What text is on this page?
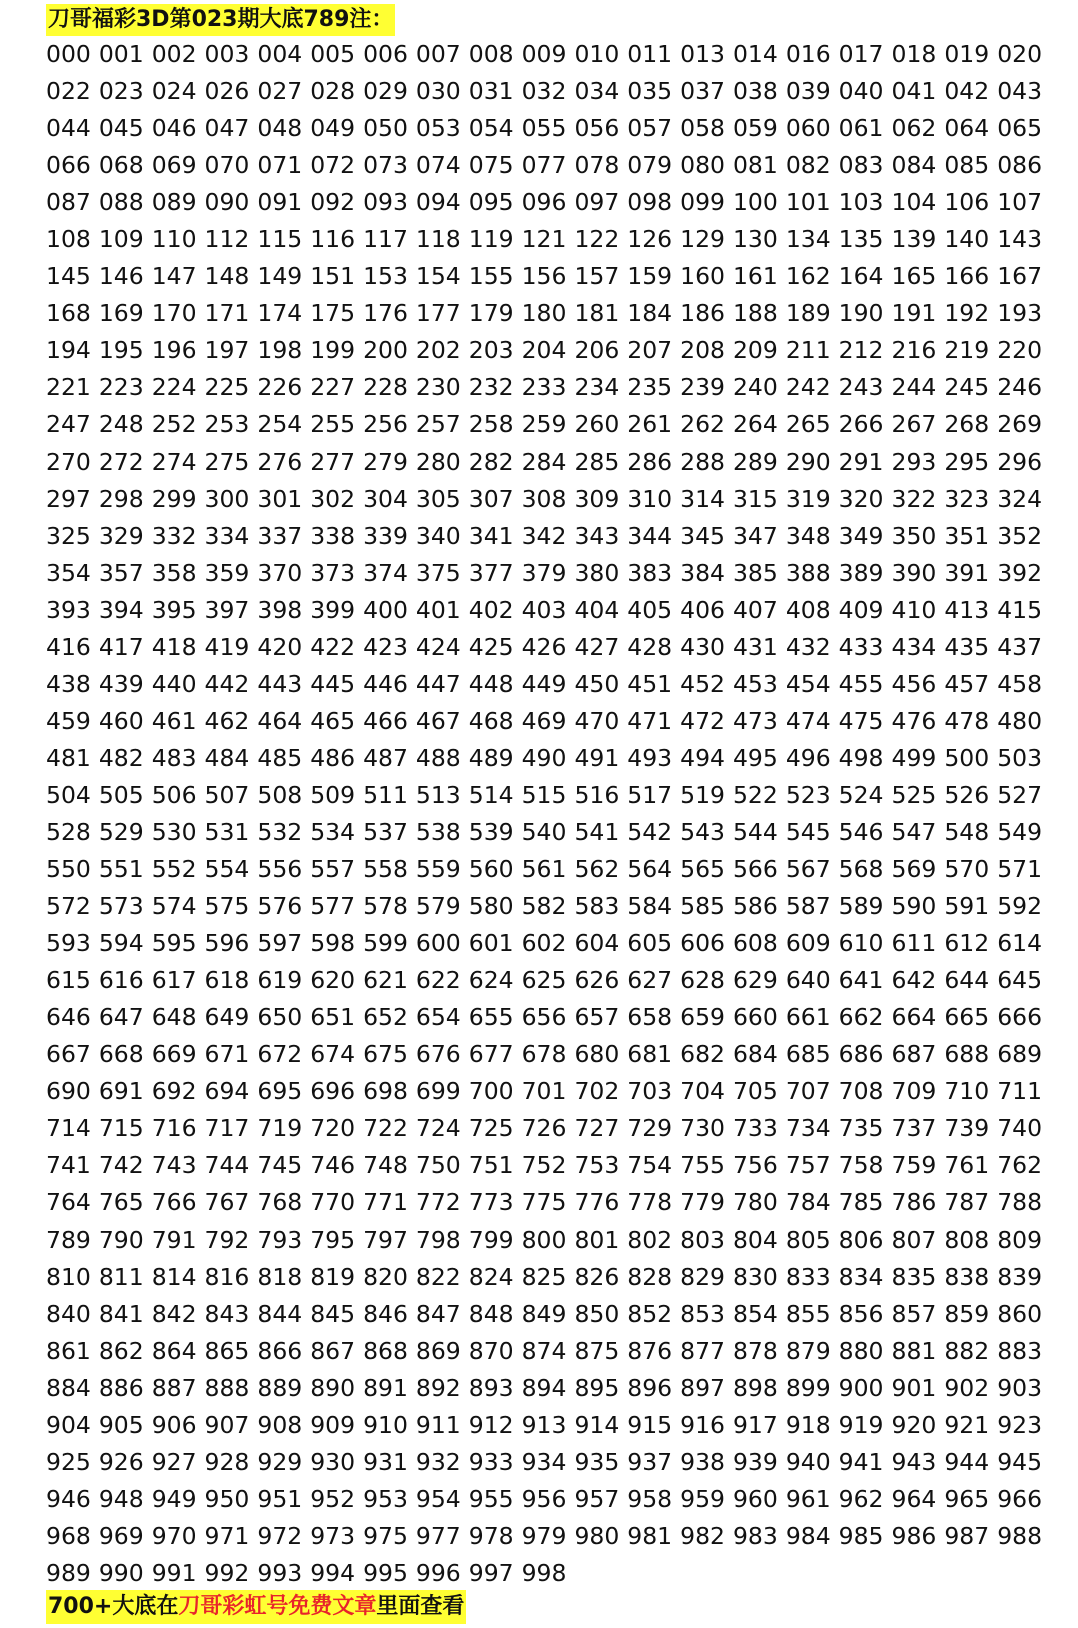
刀哥福彩3D第023期大底789注：
000 001 002 003 004 005 006 007 008 009 010 011 013 014 016 017 018 019 020
022 023 024 026 027 028 029 030 031 032 034 035 037 038 039 040 041 042 043
044 045 046 047 048 049 050 053 054 055 056 057 058 059 060 061 062 064 065
066 068 069 070 071 072 073 074 075 077 078 079 080 081 082 083 084 085 086
087 088 089 090 091 092 093 094 095 096 097 098 099 100 101 103 104 106 107
108 109 110 112 115 116 117 118 119 121 122 126 129 130 134 135 139 140 143
145 146 147 148 149 151 153 154 155 156 157 159 160 161 162 164 165 166 167
168 169 170 171 174 175 176 177 179 180 181 184 186 188 189 190 191 192 193
194 195 196 197 198 199 200 202 203 204 206 207 208 209 211 212 216 219 220
221 223 224 225 226 227 228 230 232 233 234 235 239 240 242 243 244 245 246
247 248 252 253 254 255 256 257 258 259 260 261 262 264 265 266 267 268 269
270 272 274 275 276 277 279 280 282 284 285 286 288 289 290 291 293 295 296
297 298 299 300 301 302 304 305 307 308 309 310 314 315 319 320 322 323 324
325 329 332 334 337 338 339 340 341 342 343 344 345 347 348 349 350 351 352
354 357 358 359 370 373 374 375 377 379 380 383 384 385 388 389 390 391 392
393 394 395 397 398 399 400 401 402 403 404 405 406 407 408 409 410 413 415
416 417 418 419 420 422 423 424 425 426 427 428 430 431 432 433 434 435 437
438 439 440 442 443 445 446 447 448 449 450 451 452 453 454 455 456 457 458
459 460 461 462 464 465 466 467 468 469 470 471 472 473 474 475 476 478 480
481 482 483 484 485 486 487 488 489 490 491 493 494 495 496 498 499 500 503
504 505 506 507 508 509 511 513 514 515 516 517 519 522 523 524 525 526 527
528 529 530 531 532 534 537 538 539 540 541 542 543 544 545 546 547 548 549
550 551 552 554 556 557 558 559 560 561 562 564 565 566 567 568 569 570 571
572 573 574 575 576 577 578 579 580 582 583 584 585 586 587 589 590 591 592
593 594 595 596 597 598 599 600 601 602 604 605 606 608 609 610 611 612 614
615 616 617 618 619 620 621 622 624 625 626 627 628 629 640 641 642 644 645
646 647 648 649 650 651 652 654 655 656 657 658 659 660 661 662 664 665 666
667 668 669 671 672 674 675 676 677 678 680 681 682 684 685 686 687 688 689
690 691 692 694 695 696 698 699 700 701 702 703 704 705 707 708 709 710 711
714 715 716 717 719 720 722 724 725 726 727 729 730 733 734 735 737 739 740
741 742 743 744 745 746 748 750 751 752 753 754 755 756 757 758 759 761 762
764 765 766 767 768 770 771 772 773 775 776 778 779 780 784 785 786 787 788
789 790 791 792 793 795 797 798 799 800 801 802 803 804 805 806 807 808 809
810 811 814 816 818 819 820 822 824 825 826 828 829 830 833 834 835 838 839
840 841 842 843 844 845 846 847 848 849 850 852 853 854 855 856 857 859 860
861 862 864 865 866 867 868 869 870 874 875 876 877 878 879 880 881 882 883
884 886 887 888 889 890 891 892 893 894 895 896 897 898 899 900 901 902 903
904 905 906 907 908 909 910 911 912 913 914 915 916 917 918 919 920 921 923
925 926 927 928 929 930 931 932 933 934 935 937 938 939 940 941 943 944 945
946 948 949 950 951 952 953 954 955 956 957 958 959 960 961 962 964 965 966
968 969 970 971 972 973 975 977 978 979 980 981 982 983 984 985 986 987 988
989 990 991 992 993 994 995 996 997 998
700+大底在刀哥彩虹号免费文章里面查看
